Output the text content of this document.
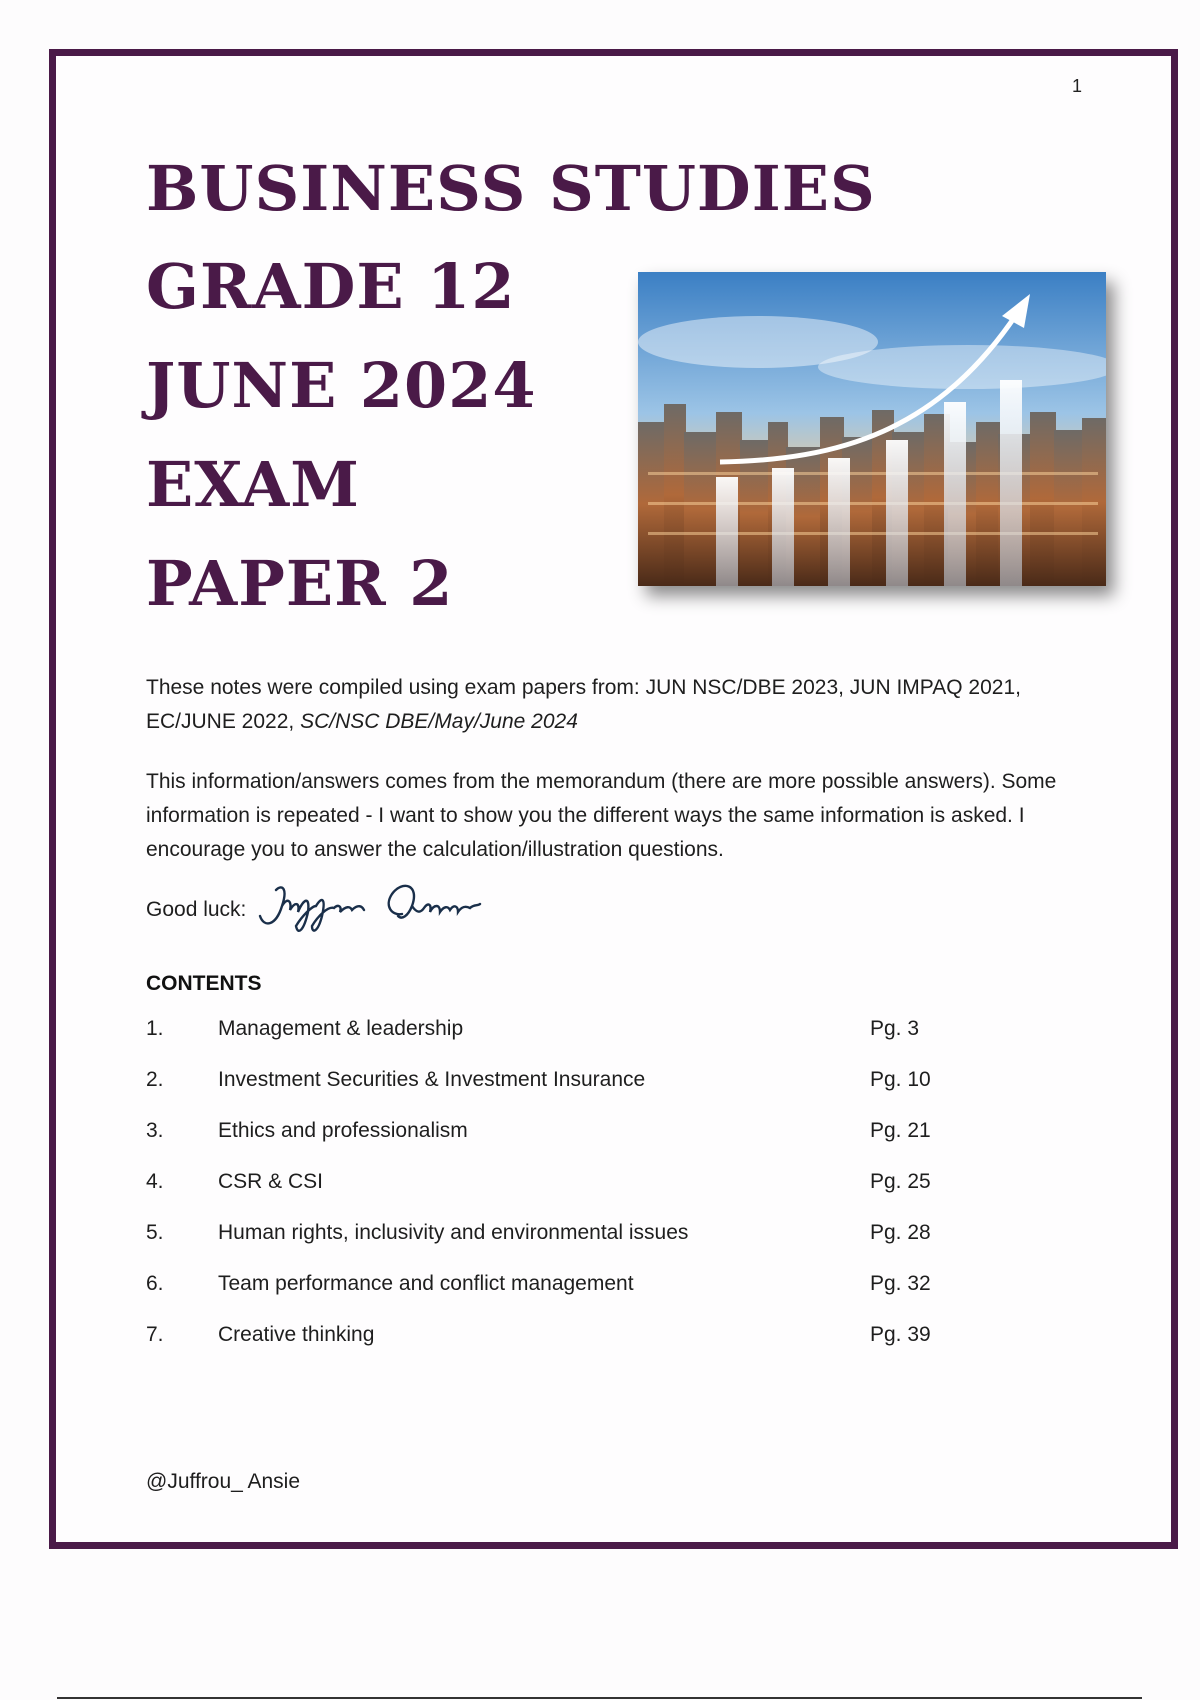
1
BUSINESS STUDIES
GRADE 12
JUNE 2024
EXAM
PAPER 2

These notes were compiled using exam papers from: JUN NSC/DBE 2023, JUN IMPAQ 2021, EC/JUNE 2022, SC/NSC DBE/May/June 2024

This information/answers comes from the memorandum (there are more possible answers). Some information is repeated - I want to show you the different ways the same information is asked. I encourage you to answer the calculation/illustration questions.

Good luck:
CONTENTS
1.	Management & leadership	Pg. 3
2.	Investment Securities & Investment Insurance	Pg. 10
3.	Ethics and professionalism	Pg. 21
4.	CSR & CSI	Pg. 25
5.	Human rights, inclusivity and environmental issues	Pg. 28
6.	Team performance and conflict management	Pg. 32
7.	Creative thinking	Pg. 39
@Juffrou_ Ansie
